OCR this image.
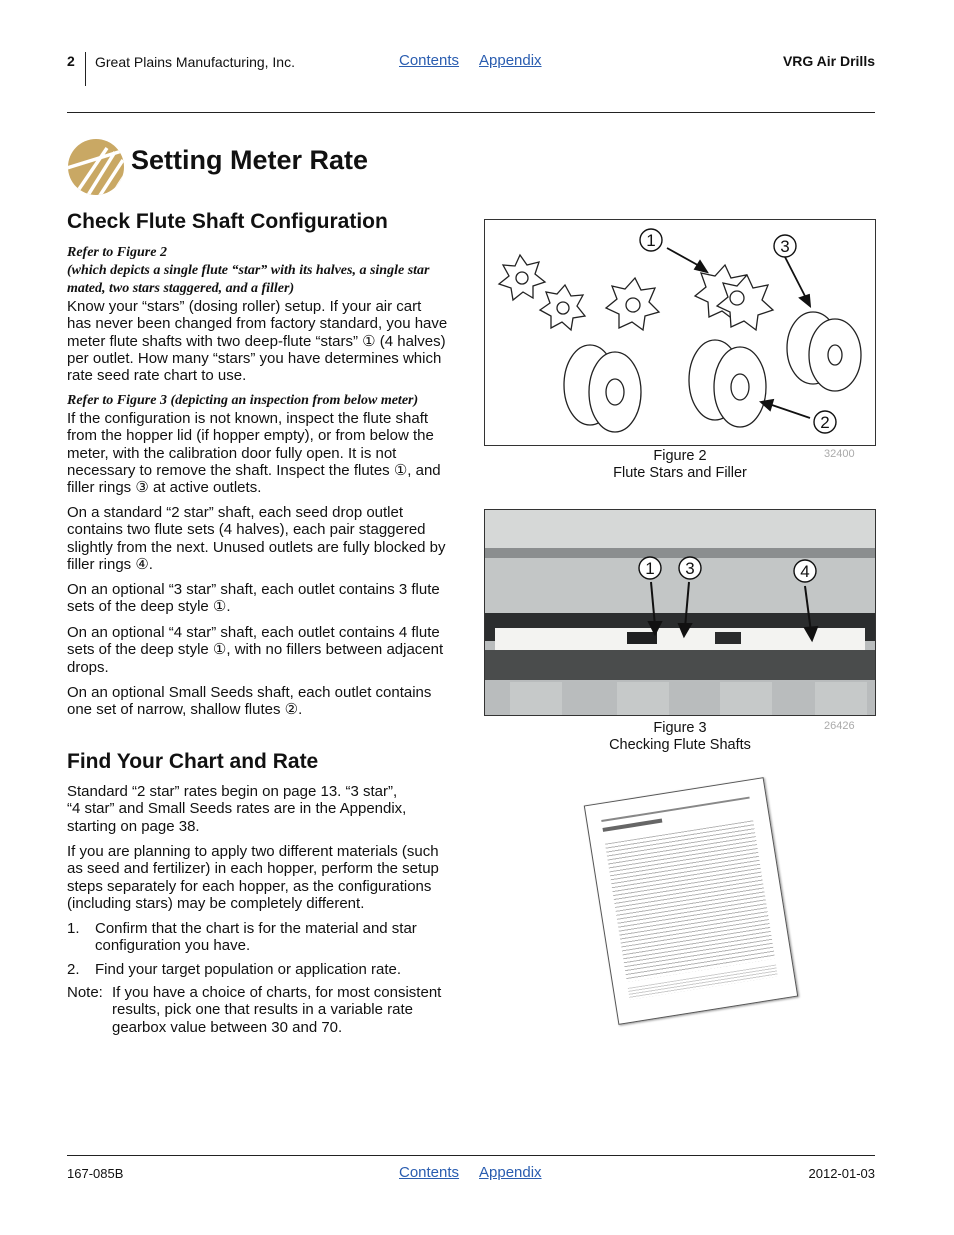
2 Great Plains Manufacturing, Inc.	Contents Appendix	VRG Air Drills
Setting Meter Rate
Check Flute Shaft Configuration
Refer to Figure 2
(which depicts a single flute “star” with its halves, a single star
mated, two stars staggered, and a filler)
Know your “stars” (dosing roller) setup. If your air cart
has never been changed from factory standard, you have
meter flute shafts with two deep-flute “stars” ① (4 halves)
per outlet. How many “stars” you have determines which
rate seed rate chart to use.
Refer to Figure 3 (depicting an inspection from below meter)
If the configuration is not known, inspect the flute shaft
from the hopper lid (if hopper empty), or from below the
meter, with the calibration door fully open. It is not
necessary to remove the shaft. Inspect the flutes ①, and
filler rings ③ at active outlets.
On a standard “2 star” shaft, each seed drop outlet
contains two flute sets (4 halves), each pair staggered
slightly from the next. Unused outlets are fully blocked by
filler rings ④.
On an optional “3 star” shaft, each outlet contains 3 flute
sets of the deep style ①.
On an optional “4 star” shaft, each outlet contains 4 flute
sets of the deep style ①, with no fillers between adjacent
drops.
On an optional Small Seeds shaft, each outlet contains
one set of narrow, shallow flutes ②.
Find Your Chart and Rate
Standard “2 star” rates begin on page 13. “3 star”,
“4 star” and Small Seeds rates are in the Appendix,
starting on page 38.
If you are planning to apply two different materials (such
as seed and fertilizer) in each hopper, perform the setup
steps separately for each hopper, as the configurations
(including stars) may be completely different.
1. Confirm that the chart is for the material and star
configuration you have.
2. Find your target population or application rate.
Note: If you have a choice of charts, for most consistent
results, pick one that results in a variable rate
gearbox value between 30 and 70.
1	3
2
Figure 2
Flute Stars and Filler
32400
1 3	4
Figure 3
Checking Flute Shafts
26426
167-085B	Contents Appendix	2012-01-03
